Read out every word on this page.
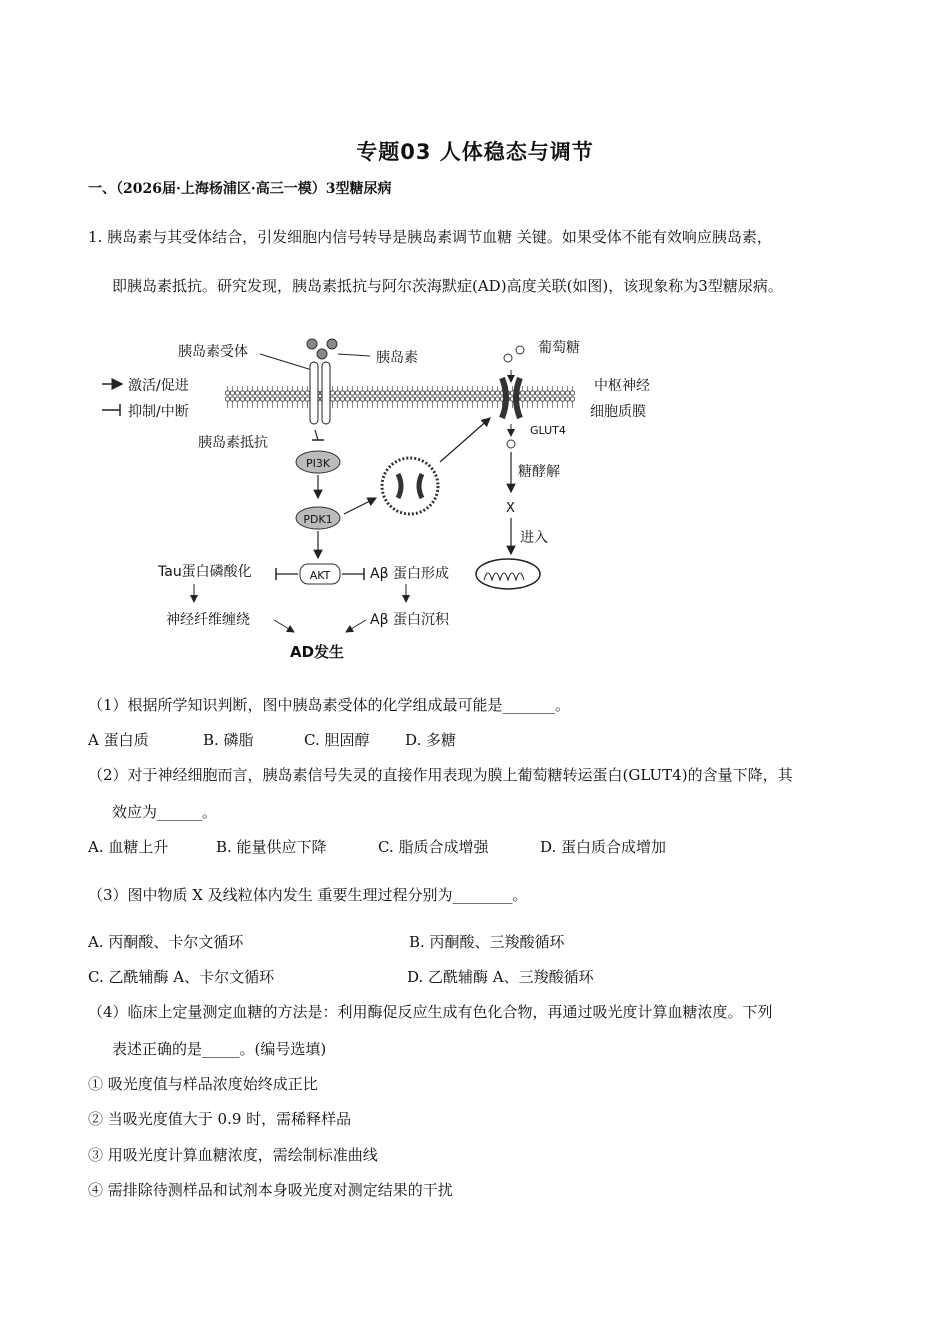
专题03 人体稳态与调节
一、（2026届·上海杨浦区·高三一模）3型糖尿病
1. 胰岛素与其受体结合，引发细胞内信号转导是胰岛素调节血糖 关键。如果受体不能有效响应胰岛素，
即胰岛素抵抗。研究发现，胰岛素抵抗与阿尔茨海默症(AD)高度关联(如图)，该现象称为3型糖尿病。
激活/促进
抑制/中断
胰岛素受体	胰岛素
胰岛素抵抗
PI3K
PDK1
AKT
葡萄糖
GLUT4
中枢神经
细胞质膜
糖酵解
X
进入
Tau蛋白磷酸化	Aβ 蛋白形成
神经纤维缠绕	Aβ 蛋白沉积
AD发生
（1）根据所学知识判断，图中胰岛素受体的化学组成最可能是_______。
A 蛋白质	B. 磷脂	C. 胆固醇 D. 多糖
（2）对于神经细胞而言，胰岛素信号失灵的直接作用表现为膜上葡萄糖转运蛋白(GLUT4)的含量下降，其
效应为______。
A. 血糖上升	B. 能量供应下降	C. 脂质合成增强	D. 蛋白质合成增加
（3）图中物质 X 及线粒体内发生 重要生理过程分别为________。
A. 丙酮酸、卡尔文循环	B. 丙酮酸、三羧酸循环
C. 乙酰辅酶 A、卡尔文循环	D. 乙酰辅酶 A、三羧酸循环
（4）临床上定量测定血糖的方法是：利用酶促反应生成有色化合物，再通过吸光度计算血糖浓度。下列
表述正确的是_____。(编号选填)
① 吸光度值与样品浓度始终成正比
② 当吸光度值大于 0.9 时，需稀释样品
③ 用吸光度计算血糖浓度，需绘制标准曲线
④ 需排除待测样品和试剂本身吸光度对测定结果的干扰
